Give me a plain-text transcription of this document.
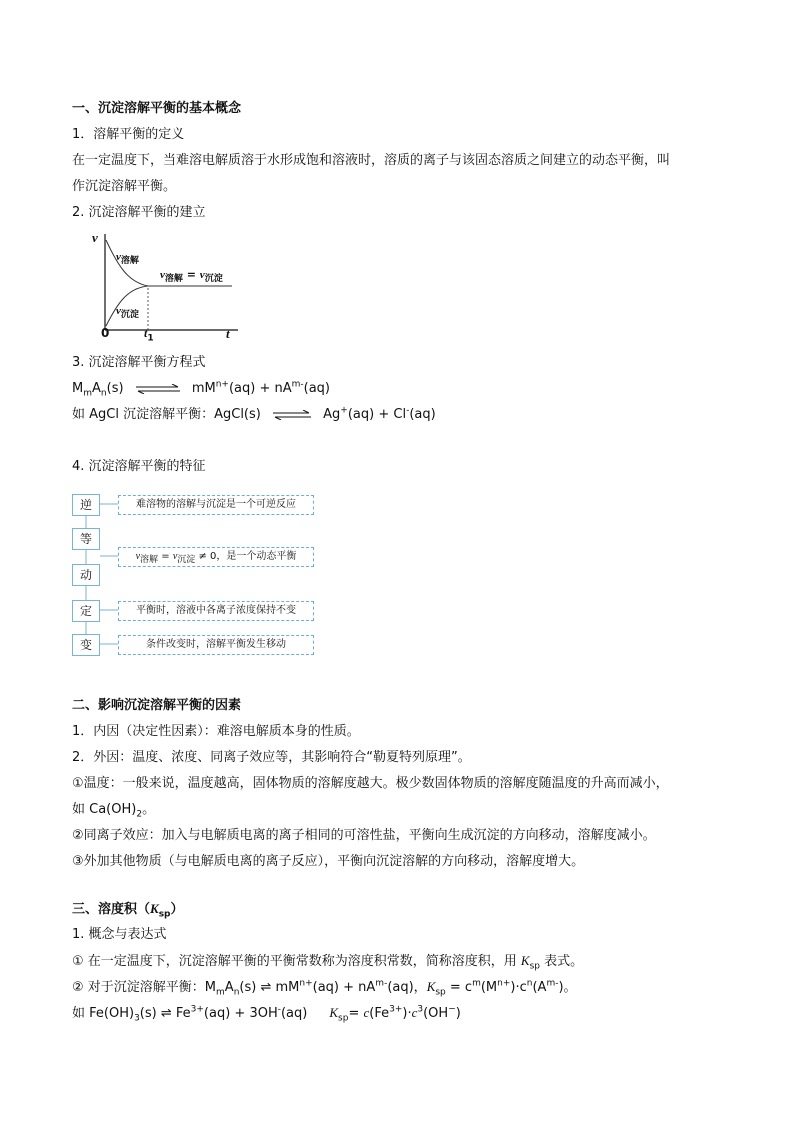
一、沉淀溶解平衡的基本概念
1．溶解平衡的定义
在一定温度下，当难溶电解质溶于水形成饱和溶液时，溶质的离子与该固态溶质之间建立的动态平衡，叫
作沉淀溶解平衡。
2. 沉淀溶解平衡的建立
v
t
0	$t_1$
$v_{溶解}$
$v_{沉淀}$
$v_{溶解} = v_{沉淀}$
3. 沉淀溶解平衡方程式
$M_mA_n(s)$ ⇌ $mM^{n+}(aq) + nA^{m-}(aq)$
如 AgCl 沉淀溶解平衡：AgCl(s) ⇌ Ag+(aq) + Cl-(aq)
4. 沉淀溶解平衡的特征
逆	难溶物的溶解与沉淀是一个可逆反应
等
动
$v_{溶解} = v_{沉淀} \ne 0$，是一个动态平衡
定	平衡时，溶液中各离子浓度保持不变
变	条件改变时，溶解平衡发生移动
二、影响沉淀溶解平衡的因素
1．内因（决定性因素）：难溶电解质本身的性质。
2．外因：温度、浓度、同离子效应等，其影响符合“勒夏特列原理”。
①温度：一般来说，温度越高，固体物质的溶解度越大。极少数固体物质的溶解度随温度的升高而减小，
如 $Ca(OH)_2$。
②同离子效应：加入与电解质电离的离子相同的可溶性盐，平衡向生成沉淀的方向移动，溶解度减小。
③外加其他物质（与电解质电离的离子反应），平衡向沉淀溶解的方向移动，溶解度增大。
三、溶度积$(K_{sp})$
1. 概念与表达式
① 在一定温度下，沉淀溶解平衡的平衡常数称为溶度积常数，简称溶度积，用 $K_{sp}$ 表式。
② 对于沉淀溶解平衡：$M_mA_n(s)$ ⇌ $mM^{n+}(aq) + nA^{m-}(aq)$，$K_{sp} = c^m(M^{n+})\cdot c^n(A^{m-})$。
如 $Fe(OH)_3(s)$ ⇌ $Fe^{3+}(aq) + 3OH^-(aq)$ $K_{sp}= c(Fe^{3+})\cdot c^3(OH^-)$
